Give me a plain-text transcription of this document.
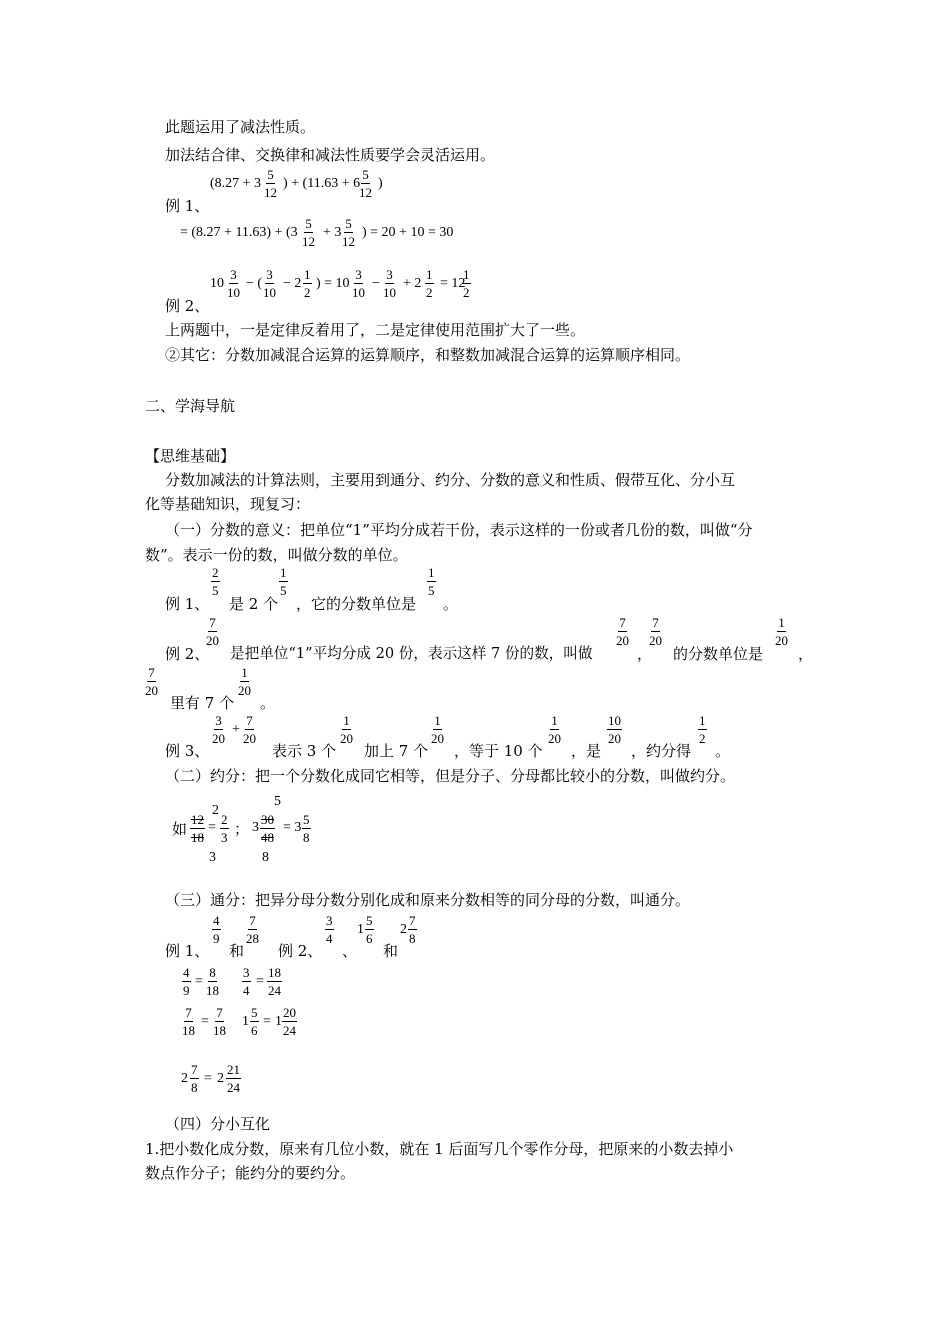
此题运用了减法性质。
加法结合律、交换律和减法性质要学会灵活运用。
(8.27 + 3
5
12
) + (11.63 + 6
5
12
)
例 1、
= (8.27 + 11.63) + (3
5
12
+ 3
5
12
) = 20 + 10 = 30
10
3
10
− (
3
10
− 2
1
2
) = 10
3
10
−
3
10
+ 2
1
2
= 12
1
2
例 2、
上两题中，一是定律反着用了，二是定律使用范围扩大了一些。
②其它：分数加减混合运算的运算顺序，和整数加减混合运算的运算顺序相同。
二、学海导航
【思维基础】
分数加减法的计算法则，主要用到通分、约分、分数的意义和性质、假带互化、分小互
化等基础知识，现复习：
（一）分数的意义：把单位“1”平均分成若干份，表示这样的一份或者几份的数，叫做“分
数”。表示一份的数，叫做分数的单位。
例 1、
2
5
是 2 个
1
5
，它的分数单位是
1
5
。
例 2、
7
20
是把单位“1”平均分成 20 份，表示这样 7 份的数，叫做
7
20
，
7
20
的分数单位是
1
20
，
7
20
里有 7 个
1
20
。
例 3、
3
20
+
7
20
表示 3 个
1
20
加上 7 个
1
20
，等于 10 个
1
20
，是
10
20
，约分得
1
2
。
（二）约分：把一个分数化成同它相等，但是分子、分母都比较小的分数，叫做约分。
如
2
12
18
3
=
2
3 ； 3
5
30
48
8
= 3
5
8
（三）通分：把异分母分数分别化成和原来分数相等的同分母的分数，叫通分。
例 1、
4
9
和
7
28
例 2、
3
4
、
1
5
6
和
2
7
8
4
9
=
8
18
3
4
=
18
24
7
18
=
7
18
1
5
6
= 1
20
24
2
7
8
= 2
21
24
（四）分小互化
1.把小数化成分数，原来有几位小数，就在 1 后面写几个零作分母，把原来的小数去掉小
数点作分子；能约分的要约分。
